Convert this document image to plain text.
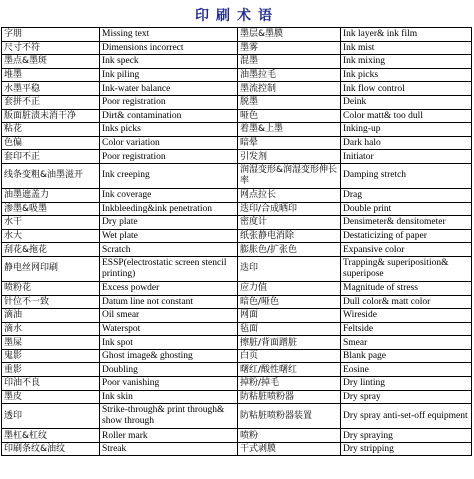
印刷术语
字朋	Missing text	墨层&墨膜	Ink layer& ink film
尺寸不符	Dimensions incorrect	墨雾	Ink mist
墨点&墨斑	Ink speck	混墨	Ink mixing
堆墨	Ink piling	油墨拉毛	Ink picks
水墨平稳	Ink-water balance	墨流控制	Ink flow control
套拼不正	Poor registration	脱墨	Deink
版面脏渍未消干净	Dirt& contamination	哑色	Color matt& too dull
粘花	Inks picks	着墨&上墨	Inking-up
色偏	Color variation	暗晕	Dark halo
套印不正	Poor registration	引发剂	Initiator
线条变粗&油墨滋开	Ink creeping	润湿变形&润湿变形伸长率	Damping stretch
油墨遮盖力	Ink coverage	网点拉长	Drag
渗墨&吸墨	Inkbleeding&ink penetration	迭印/合成晒印	Double print
水干	Dry plate	密度计	Densimeter& densitometer
水大	Wet plate	纸张静电消除	Destaticizing of paper
刮花&拖花	Scratch	膨胀色/扩张色	Expansive color
静电丝网印刷	ESSP(electrostatic screen stencil printing)	迭印	Trapping& superiposition& superipose
喷粉花	Excess powder	应力值	Magnitude of stress
针位不一致	Datum line not constant	暗色/哑色	Dull color& matt color
滴油	Oil smear	网面	Wireside
滴水	Waterspot	毡面	Feltside
墨屎	Ink spot	擦脏/背面蹭脏	Smear
鬼影	Ghost image& ghosting	白页	Blank page
重影	Doubling	曙红/酸性曙红	Eosine
印油不良	Poor vanishing	掉粉/掉毛	Dry linting
墨皮	Ink skin	防粘脏喷粉器	Dry spray
透印	Strike-through& print through& show through	防粘脏喷粉器装置	Dry spray anti-set-off equipment
墨杠&杠纹	Roller mark	喷粉	Dry spraying
印刷条纹&油纹	Streak	干式剥膜	Dry stripping
